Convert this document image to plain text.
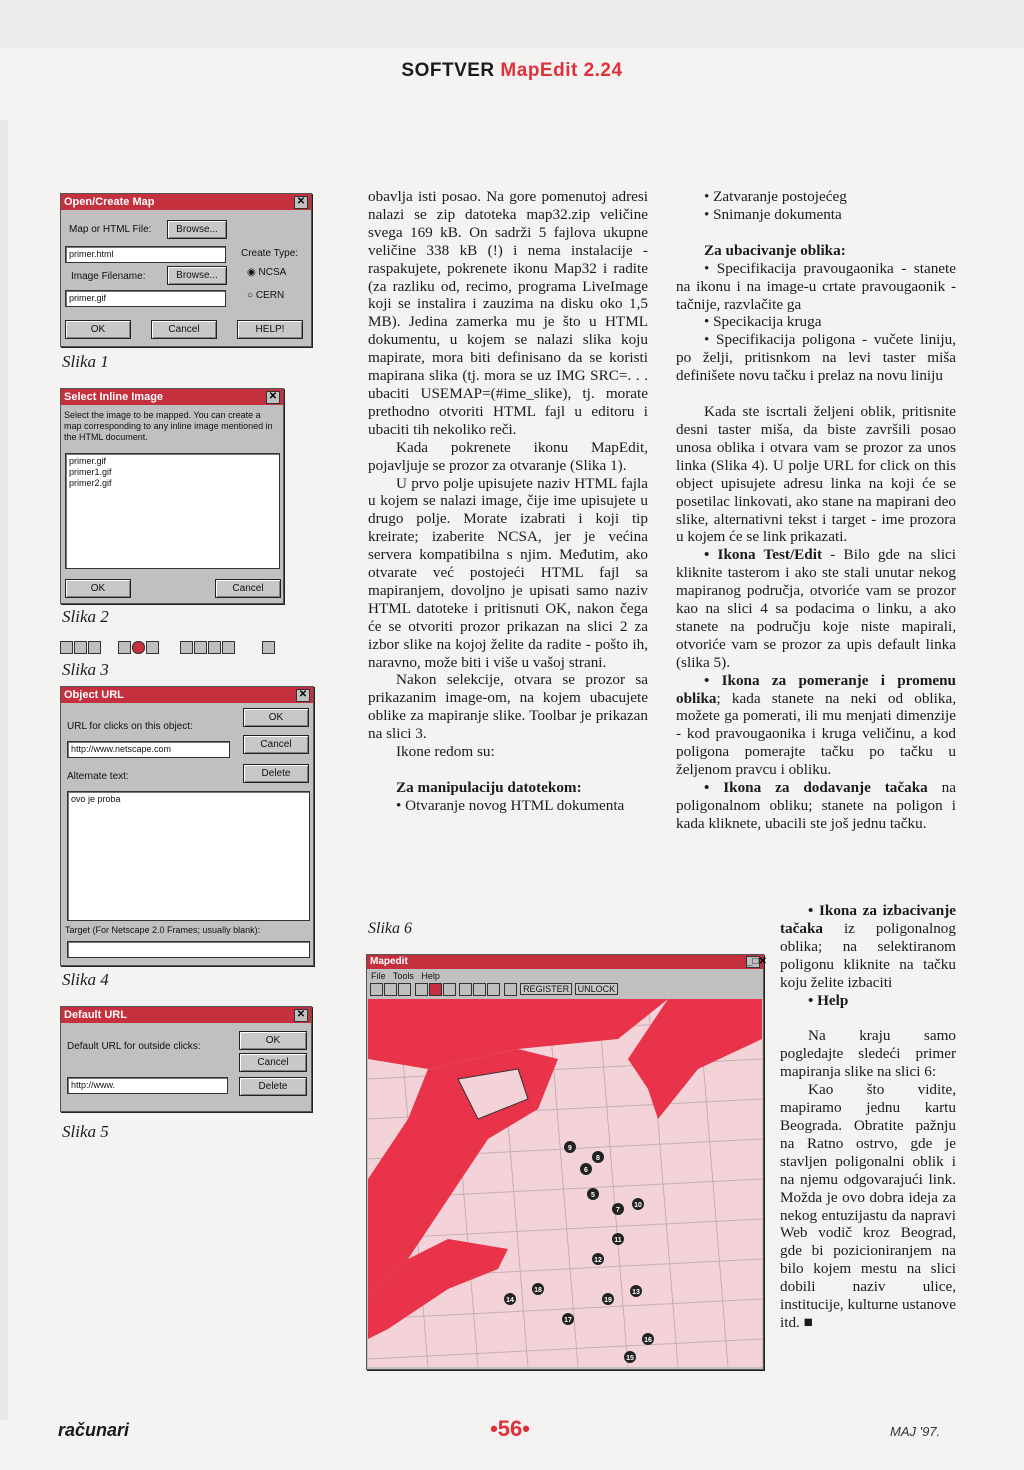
SOFTVER MapEdit 2.24
Open/Create Map	✕
Map or HTML File:	Browse...
primer.html	Create Type:
Image Filename:	Browse...	◉ NCSA
primer.gif	○ CERN
OK	Cancel	HELP!
Slika 1
Select Inline Image	✕
Select the image to be mapped. You can create a map corresponding to any inline image mentioned in the HTML document.
primer.gif
primer1.gif
primer2.gif
OK	Cancel
Slika 2
Slika 3
Object URL	✕
URL for clicks on this object:
OK
http://www.netscape.com	Cancel
Alternate text:	Delete
ovo je proba
Target (For Netscape 2.0 Frames; usually blank):
Slika 4
Default URL	✕
Default URL for outside clicks:
OK
Cancel
http://www.	Delete
Slika 5

obavlja isti posao. Na gore pomenutoj adresi nalazi se zip datoteka map32.zip veličine svega 169 kB. On sadrži 5 fajlova ukupne veličine 338 kB (!) i nema instalacije - raspakujete, pokrenete ikonu Map32 i radite (za razliku od, recimo, programa LiveImage koji se instalira i zauzima na disku oko 1,5 MB). Jedina zamerka mu je što u HTML dokumentu, u kojem se nalazi slika koju mapirate, mora biti definisano da se koristi mapirana slika (tj. mora se uz IMG SRC=. . . ubaciti USEMAP=(#ime_slike), tj. morate prethodno otvoriti HTML fajl u editoru i ubaciti tih nekoliko reči.

Kada pokrenete ikonu MapEdit, pojavljuje se prozor za otvaranje (Slika 1).

U prvo polje upisujete naziv HTML fajla u kojem se nalazi image, čije ime upisujete u drugo polje. Morate izabrati i koji tip kreirate; izaberite NCSA, jer je većina servera kompatibilna s njim. Međutim, ako otvarate već postojeći HTML fajl sa mapiranjem, dovoljno je upisati samo naziv HTML datoteke i pritisnuti OK, nakon čega će se otvoriti prozor prikazan na slici 2 za izbor slike na kojoj želite da radite - pošto ih, naravno, može biti i više u vašoj strani.

Nakon selekcije, otvara se prozor sa prikazanim image-om, na kojem ubacujete oblike za mapiranje slike. Toolbar je prikazan na slici 3.

Ikone redom su:

Za manipulaciju datotekom:

• Otvaranje novog HTML dokumenta

Slika 6

• Zatvaranje postojećeg

• Snimanje dokumenta

Za ubacivanje oblika:

• Specifikacija pravougaonika - stanete na ikonu i na image-u crtate pravougaonik - tačnije, razvlačite ga

• Specikacija kruga

• Specifikacija poligona - vučete liniju, po želji, pritisnkom na levi taster miša definišete novu tačku i prelaz na novu liniju

Kada ste iscrtali željeni oblik, pritisnite desni taster miša, da biste završili posao unosa oblika i otvara vam se prozor za unos linka (Slika 4). U polje URL for click on this object upisujete adresu linka na koji će se posetilac linkovati, ako stane na mapirani deo slike, alternativni tekst i target - ime prozora u kojem će se link prikazati.

• Ikona Test/Edit - Bilo gde na slici kliknite tasterom i ako ste stali unutar nekog mapiranog područja, otvoriće vam se prozor kao na slici 4 sa podacima o linku, a ako stanete na području koje niste mapirali, otvoriće vam se prozor za upis default linka (slika 5).

• Ikona za pomeranje i promenu oblika; kada stanete na neki od oblika, možete ga pomerati, ili mu menjati dimenzije - kod pravougaonika i kruga veličinu, a kod poligona pomerajte tačku po tačku u željenom pravcu i obliku.

• Ikona za dodavanje tačaka na poligonalnom obliku; stanete na poligon i kada kliknete, ubacili ste još jednu tačku.

• Ikona za izbacivanje tačaka iz poligonalnog oblika; na selektiranom poligonu kliknite na tačku koju želite izbaciti

• Help

Na kraju samo pogledajte sledeći primer mapiranja slike na slici 6:

Kao što vidite, mapiramo jednu kartu Beograda. Obratite pažnju na Ratno ostrvo, gde je stavljen poligonalni oblik i na njemu odgovarajući link. Možda je ovo dobra ideja za nekog entuzijastu da napravi Web vodič kroz Beograd, gde bi pozicioniranjem na bilo kojem mestu na slici dobili naziv ulice, institucije, kulturne ustanove itd. ■

Mapedit	_□✕
File Tools Help
REGISTER UNLOCK
9
8
6
5
7
10
11
12
13
14
15
16
17
18
19
računari	•56•	MAJ '97.
